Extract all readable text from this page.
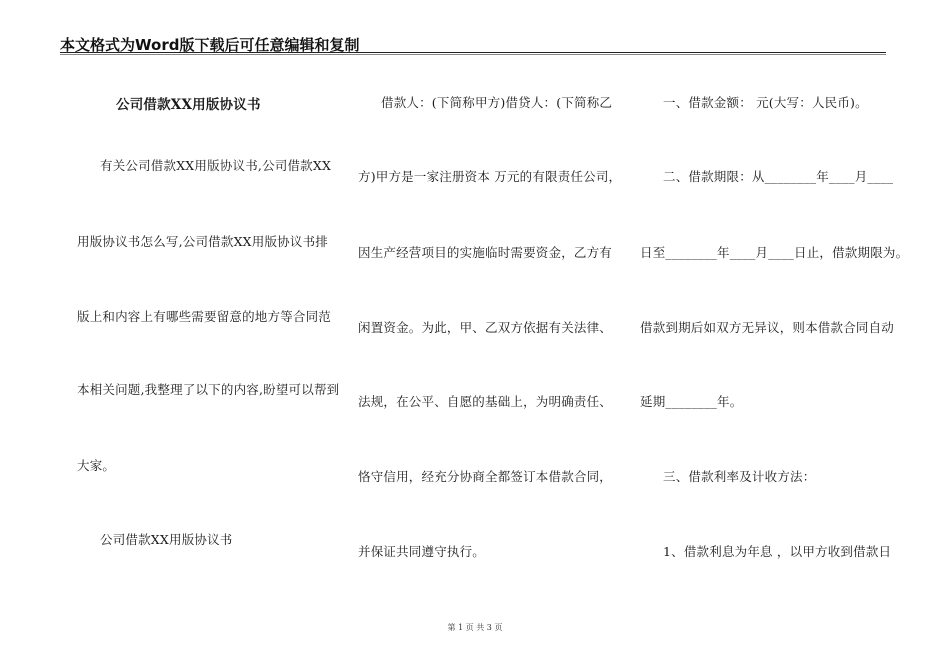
本文格式为Word版下载后可任意编辑和复制
公司借款XX用版协议书
有关公司借款XX用版协议书,公司借款XX
用版协议书怎么写,公司借款XX用版协议书排
版上和内容上有哪些需要留意的地方等合同范
本相关问题,我整理了以下的内容,盼望可以帮到
大家。
公司借款XX用版协议书
借款人：(下简称甲方)借贷人：(下简称乙
方)甲方是一家注册资本 万元的有限责任公司，
因生产经营项目的实施临时需要资金，乙方有
闲置资金。为此，甲、乙双方依据有关法律、
法规，在公平、自愿的基础上，为明确责任、
恪守信用，经充分协商全都签订本借款合同，
并保证共同遵守执行。
一、借款金额： 元(大写：人民币)。
二、借款期限：从________年____月____
日至________年____月____日止，借款期限为。
借款到期后如双方无异议，则本借款合同自动
延期________年。
三、借款利率及计收方法：
1、借款利息为年息 ，以甲方收到借款日
第 1 页 共 3 页
